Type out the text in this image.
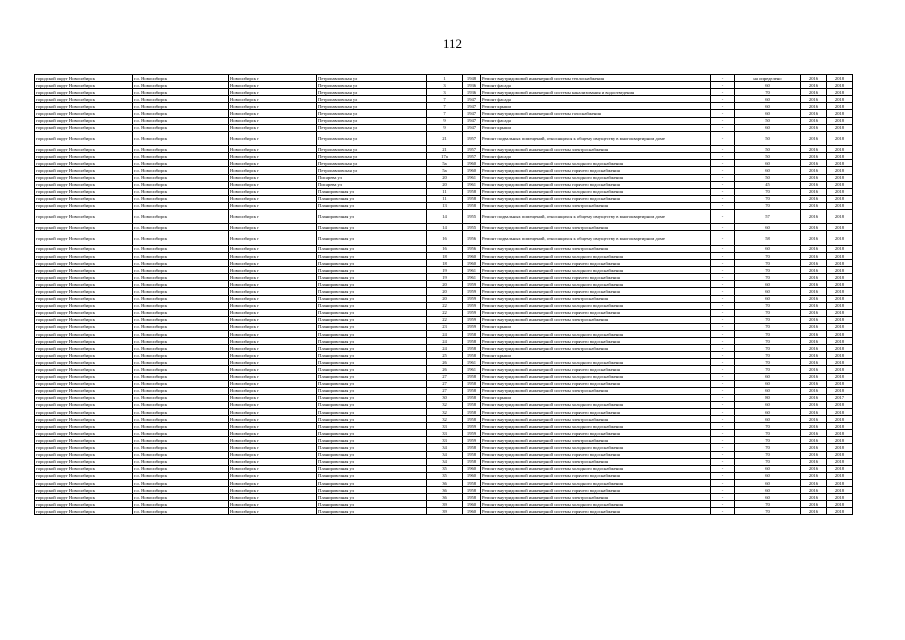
112
городской округ Новосибирск	г.о. Новосибирск	Новосибирск г	Петропавловская ул	1	1948	Ремонт внутридомовой инженерной системы теплоснабжения	-	на определено	2016	2018
городской округ Новосибирск	г.о. Новосибирск	Новосибирск г	Петропавловская ул	3	1936	Ремонт фасада	-	60	2016	2018
городской округ Новосибирск	г.о. Новосибирск	Новосибирск г	Петропавловская ул	3	1936	Ремонт внутридомовой инженерной системы канализования и водоотведения	-	70	2016	2018
городской округ Новосибирск	г.о. Новосибирск	Новосибирск г	Петропавловская ул	7	1947	Ремонт фасада	-	60	2016	2018
городской округ Новосибирск	г.о. Новосибирск	Новосибирск г	Петропавловская ул	7	1947	Ремонт крыши	-	60	2016	2018
городской округ Новосибирск	г.о. Новосибирск	Новосибирск г	Петропавловская ул	7	1947	Ремонт внутридомовой инженерной системы газоснабжения	-	60	2016	2018
городской округ Новосибирск	г.о. Новосибирск	Новосибирск г	Петропавловская ул	9	1947	Ремонт фасада	-	50	2016	2018
городской округ Новосибирск	г.о. Новосибирск	Новосибирск г	Петропавловская ул	9	1947	Ремонт крыши	-	60	2016	2018
городской округ Новосибирск	г.о. Новосибирск	Новосибирск г	Петропавловская ул	21	1957	Ремонт подвальных помещений, относящихся к общему имуществу в многоквартирном доме	-	50	2016	2018
городской округ Новосибирск	г.о. Новосибирск	Новосибирск г	Петропавловская ул	21	1957	Ремонт внутридомовой инженерной системы электроснабжения	-	50	2016	2018
городской округ Новосибирск	г.о. Новосибирск	Новосибирск г	Петропавловская ул	17а	1957	Ремонт фасада	-	50	2016	2018
городской округ Новосибирск	г.о. Новосибирск	Новосибирск г	Петропавловская ул	5а	1960	Ремонт внутридомовой инженерной системы холодного водоснабжения	-	60	2016	2018
городской округ Новосибирск	г.о. Новосибирск	Новосибирск г	Петропавловская ул	5а	1960	Ремонт внутридомовой инженерной системы горячего водоснабжения	-	60	2016	2018
городской округ Новосибирск	г.о. Новосибирск	Новосибирск г	Писарева ул	20	1961	Ремонт внутридомовой инженерной системы холодного водоснабжения	-	50	2016	2018
городской округ Новосибирск	г.о. Новосибирск	Новосибирск г	Писарева ул	20	1961	Ремонт внутридомовой инженерной системы горячего водоснабжения	-	45	2016	2018
городской округ Новосибирск	г.о. Новосибирск	Новосибирск г	Планировочная ул	11	1958	Ремонт внутридомовой инженерной системы холодного водоснабжения	-	70	2016	2018
городской округ Новосибирск	г.о. Новосибирск	Новосибирск г	Планировочная ул	11	1958	Ремонт внутридомовой инженерной системы горячего водоснабжения	-	70	2016	2018
городской округ Новосибирск	г.о. Новосибирск	Новосибирск г	Планировочная ул	13	1958	Ремонт внутридомовой инженерной системы электроснабжения	-	70	2016	2018
городской округ Новосибирск	г.о. Новосибирск	Новосибирск г	Планировочная ул	14	1955	Ремонт подвальных помещений, относящихся к общему имуществу в многоквартирном доме	-	57	2016	2018
городской округ Новосибирск	г.о. Новосибирск	Новосибирск г	Планировочная ул	14	1955	Ремонт внутридомовой инженерной системы электроснабжения	-	60	2016	2018
городской округ Новосибирск	г.о. Новосибирск	Новосибирск г	Планировочная ул	16	1956	Ремонт подвальных помещений, относящихся к общему имуществу в многоквартирном доме	-	58	2016	2018
городской округ Новосибирск	г.о. Новосибирск	Новосибирск г	Планировочная ул	16	1956	Ремонт внутридомовой инженерной системы электроснабжения	-	60	2016	2018
городской округ Новосибирск	г.о. Новосибирск	Новосибирск г	Планировочная ул	18	1960	Ремонт внутридомовой инженерной системы холодного водоснабжения	-	70	2016	2018
городской округ Новосибирск	г.о. Новосибирск	Новосибирск г	Планировочная ул	18	1960	Ремонт внутридомовой инженерной системы горячего водоснабжения	-	70	2016	2018
городской округ Новосибирск	г.о. Новосибирск	Новосибирск г	Планировочная ул	19	1961	Ремонт внутридомовой инженерной системы холодного водоснабжения	-	70	2016	2018
городской округ Новосибирск	г.о. Новосибирск	Новосибирск г	Планировочная ул	19	1961	Ремонт внутридомовой инженерной системы горячего водоснабжения	-	70	2016	2018
городской округ Новосибирск	г.о. Новосибирск	Новосибирск г	Планировочная ул	20	1959	Ремонт внутридомовой инженерной системы холодного водоснабжения	-	60	2016	2018
городской округ Новосибирск	г.о. Новосибирск	Новосибирск г	Планировочная ул	20	1959	Ремонт внутридомовой инженерной системы горячего водоснабжения	-	60	2016	2018
городской округ Новосибирск	г.о. Новосибирск	Новосибирск г	Планировочная ул	20	1959	Ремонт внутридомовой инженерной системы электроснабжения	-	60	2016	2018
городской округ Новосибирск	г.о. Новосибирск	Новосибирск г	Планировочная ул	22	1959	Ремонт внутридомовой инженерной системы холодного водоснабжения	-	70	2016	2018
городской округ Новосибирск	г.о. Новосибирск	Новосибирск г	Планировочная ул	22	1959	Ремонт внутридомовой инженерной системы горячего водоснабжения	-	70	2016	2018
городской округ Новосибирск	г.о. Новосибирск	Новосибирск г	Планировочная ул	22	1959	Ремонт внутридомовой инженерной системы электроснабжения	-	70	2016	2018
городской округ Новосибирск	г.о. Новосибирск	Новосибирск г	Планировочная ул	23	1959	Ремонт крыши	-	70	2016	2018
городской округ Новосибирск	г.о. Новосибирск	Новосибирск г	Планировочная ул	24	1958	Ремонт внутридомовой инженерной системы холодного водоснабжения	-	70	2016	2018
городской округ Новосибирск	г.о. Новосибирск	Новосибирск г	Планировочная ул	24	1958	Ремонт внутридомовой инженерной системы горячего водоснабжения	-	70	2016	2018
городской округ Новосибирск	г.о. Новосибирск	Новосибирск г	Планировочная ул	24	1958	Ремонт внутридомовой инженерной системы электроснабжения	-	70	2016	2018
городской округ Новосибирск	г.о. Новосибирск	Новосибирск г	Планировочная ул	25	1958	Ремонт крыши	-	70	2016	2018
городской округ Новосибирск	г.о. Новосибирск	Новосибирск г	Планировочная ул	26	1961	Ремонт внутридомовой инженерной системы холодного водоснабжения	-	70	2016	2018
городской округ Новосибирск	г.о. Новосибирск	Новосибирск г	Планировочная ул	26	1961	Ремонт внутридомовой инженерной системы горячего водоснабжения	-	70	2016	2018
городской округ Новосибирск	г.о. Новосибирск	Новосибирск г	Планировочная ул	27	1958	Ремонт внутридомовой инженерной системы холодного водоснабжения	-	60	2016	2018
городской округ Новосибирск	г.о. Новосибирск	Новосибирск г	Планировочная ул	27	1958	Ремонт внутридомовой инженерной системы горячего водоснабжения	-	60	2016	2018
городской округ Новосибирск	г.о. Новосибирск	Новосибирск г	Планировочная ул	27	1958	Ремонт внутридомовой инженерной системы электроснабжения	-	60	2016	2018
городской округ Новосибирск	г.о. Новосибирск	Новосибирск г	Планировочная ул	30	1958	Ремонт крыши	-	80	2016	2017
городской округ Новосибирск	г.о. Новосибирск	Новосибирск г	Планировочная ул	32	1958	Ремонт внутридомовой инженерной системы холодного водоснабжения	-	60	2016	2018
городской округ Новосибирск	г.о. Новосибирск	Новосибирск г	Планировочная ул	32	1958	Ремонт внутридомовой инженерной системы горячего водоснабжения	-	60	2016	2018
городской округ Новосибирск	г.о. Новосибирск	Новосибирск г	Планировочная ул	32	1958	Ремонт внутридомовой инженерной системы электроснабжения	-	60	2016	2018
городской округ Новосибирск	г.о. Новосибирск	Новосибирск г	Планировочная ул	33	1959	Ремонт внутридомовой инженерной системы холодного водоснабжения	-	70	2016	2018
городской округ Новосибирск	г.о. Новосибирск	Новосибирск г	Планировочная ул	33	1959	Ремонт внутридомовой инженерной системы горячего водоснабжения	-	70	2016	2018
городской округ Новосибирск	г.о. Новосибирск	Новосибирск г	Планировочная ул	33	1959	Ремонт внутридомовой инженерной системы электроснабжения	-	70	2016	2018
городской округ Новосибирск	г.о. Новосибирск	Новосибирск г	Планировочная ул	34	1958	Ремонт внутридомовой инженерной системы холодного водоснабжения	-	70	2016	2018
городской округ Новосибирск	г.о. Новосибирск	Новосибирск г	Планировочная ул	34	1958	Ремонт внутридомовой инженерной системы горячего водоснабжения	-	70	2016	2018
городской округ Новосибирск	г.о. Новосибирск	Новосибирск г	Планировочная ул	34	1958	Ремонт внутридомовой инженерной системы электроснабжения	-	70	2016	2018
городской округ Новосибирск	г.о. Новосибирск	Новосибирск г	Планировочная ул	35	1960	Ремонт внутридомовой инженерной системы холодного водоснабжения	-	60	2016	2018
городской округ Новосибирск	г.о. Новосибирск	Новосибирск г	Планировочная ул	35	1960	Ремонт внутридомовой инженерной системы горячего водоснабжения	-	60	2016	2018
городской округ Новосибирск	г.о. Новосибирск	Новосибирск г	Планировочная ул	36	1958	Ремонт внутридомовой инженерной системы холодного водоснабжения	-	60	2016	2018
городской округ Новосибирск	г.о. Новосибирск	Новосибирск г	Планировочная ул	36	1958	Ремонт внутридомовой инженерной системы горячего водоснабжения	-	60	2016	2018
городской округ Новосибирск	г.о. Новосибирск	Новосибирск г	Планировочная ул	36	1958	Ремонт внутридомовой инженерной системы электроснабжения	-	60	2016	2018
городской округ Новосибирск	г.о. Новосибирск	Новосибирск г	Планировочная ул	39	1960	Ремонт внутридомовой инженерной системы холодного водоснабжения	-	70	2016	2018
городской округ Новосибирск	г.о. Новосибирск	Новосибирск г	Планировочная ул	39	1960	Ремонт внутридомовой инженерной системы горячего водоснабжения	-	70	2016	2018
